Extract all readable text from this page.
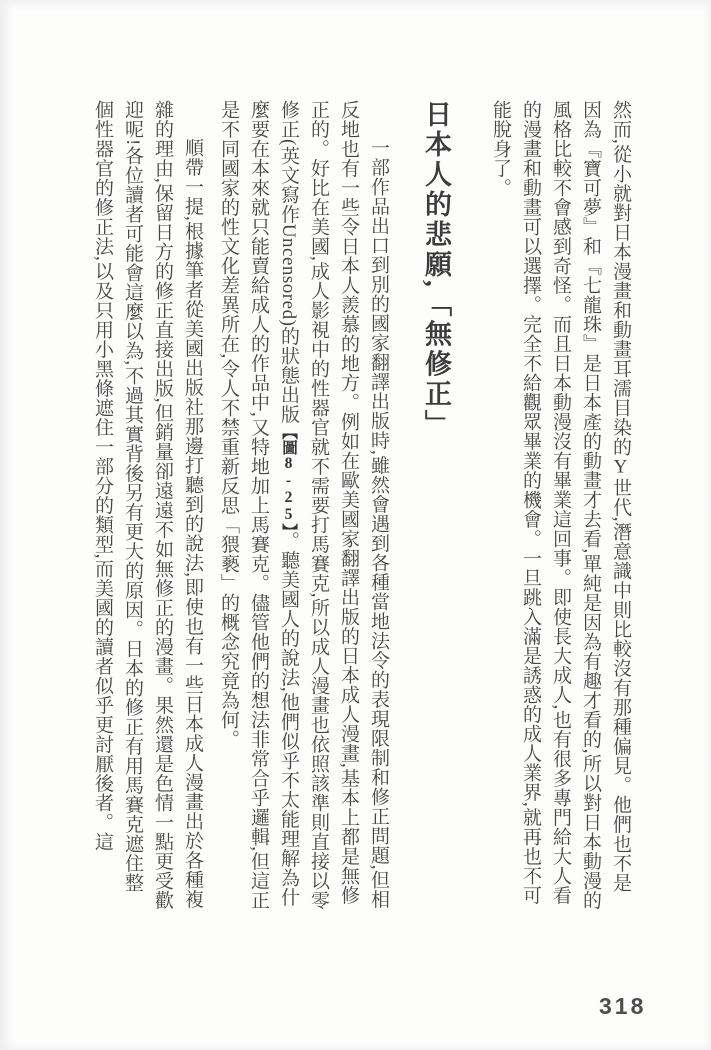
然而,從小就對日本漫畫和動畫耳濡目染的Y世代,潛意識中則比較沒有那種偏見。他們也不是因為『寶可夢』和『七龍珠』是日本產的動畫才去看,單純是因為有趣才看的,所以對日本動漫的風格比較不會感到奇怪。而且日本動漫沒有畢業這回事。即使長大成人,也有很多專門給大人看的漫畫和動畫可以選擇。完全不給觀眾畢業的機會。一旦跳入滿是誘惑的成人業界,就再也不可能脫身了。

日本人的悲願,「無修正」

一部作品出口到別的國家翻譯出版時,雖然會遇到各種當地法令的表現限制和修正問題,但相反地也有一些令日本人羨慕的地方。例如在歐美國家翻譯出版的日本成人漫畫,基本上都是無修正的。好比在美國,成人影視中的性器官就不需要打馬賽克,所以成人漫畫也依照該準則直接以零修正(英文寫作Uncensored)的狀態出版【圖8-25】。聽美國人的說法,他們似乎不太能理解為什麼要在本來就只能賣給成人的作品中,又特地加上馬賽克。儘管他們的想法非常合乎邏輯,但這正是不同國家的性文化差異所在,令人不禁重新反思「猥褻」的概念究竟為何。

順帶一提,根據筆者從美國出版社那邊打聽到的說法,即使也有一些日本成人漫畫出於各種複雜的理由,保留日方的修正直接出版,但銷量卻遠遠不如無修正的漫畫。果然還是色情一點更受歡迎呢!各位讀者可能會這麼以為,不過其實背後另有更大的原因。日本的修正有用馬賽克遮住整個性器官的修正法,以及只用小黑條遮住一部分的類型,而美國的讀者似乎更討厭後者。這

318
